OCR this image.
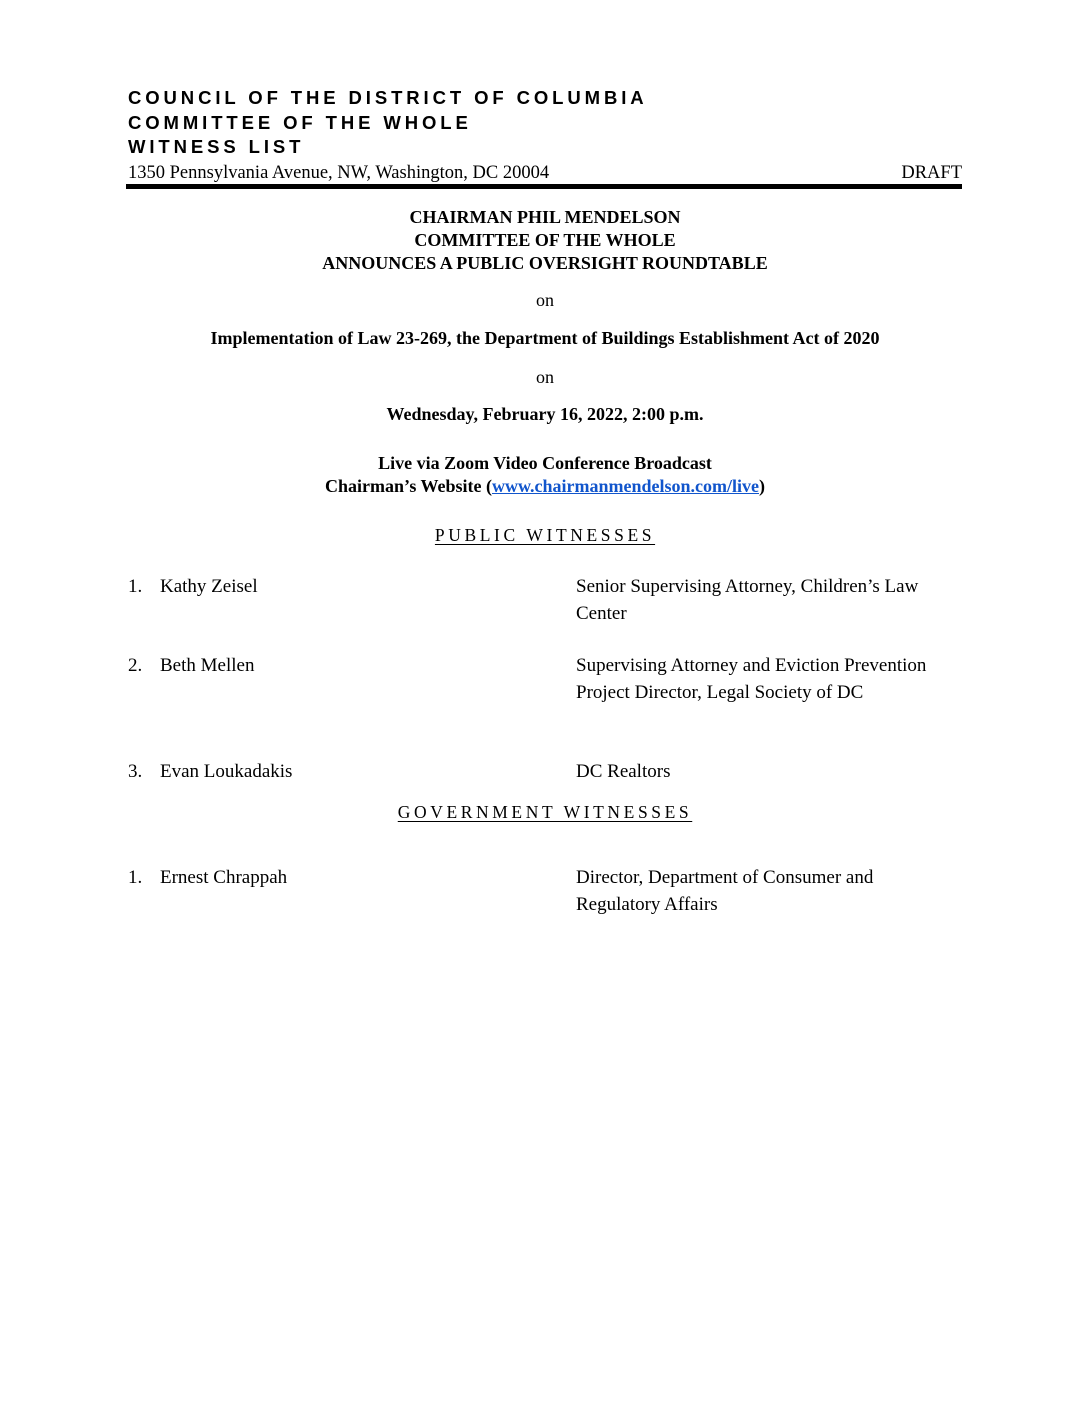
COUNCIL OF THE DISTRICT OF COLUMBIA
COMMITTEE OF THE WHOLE
WITNESS LIST
1350 Pennsylvania Avenue, NW, Washington, DC 20004	DRAFT
CHAIRMAN PHIL MENDELSON
COMMITTEE OF THE WHOLE
ANNOUNCES A PUBLIC OVERSIGHT ROUNDTABLE
on
Implementation of Law 23-269, the Department of Buildings Establishment Act of 2020
on
Wednesday, February 16, 2022, 2:00 p.m.
Live via Zoom Video Conference Broadcast
Chairman’s Website (www.chairmanmendelson.com/live)
PUBLIC WITNESSES
1. Kathy Zeisel	Senior Supervising Attorney, Children’s Law Center
2. Beth Mellen	Supervising Attorney and Eviction Prevention Project Director, Legal Society of DC
3. Evan Loukadakis	DC Realtors
GOVERNMENT WITNESSES
1. Ernest Chrappah	Director, Department of Consumer and Regulatory Affairs
